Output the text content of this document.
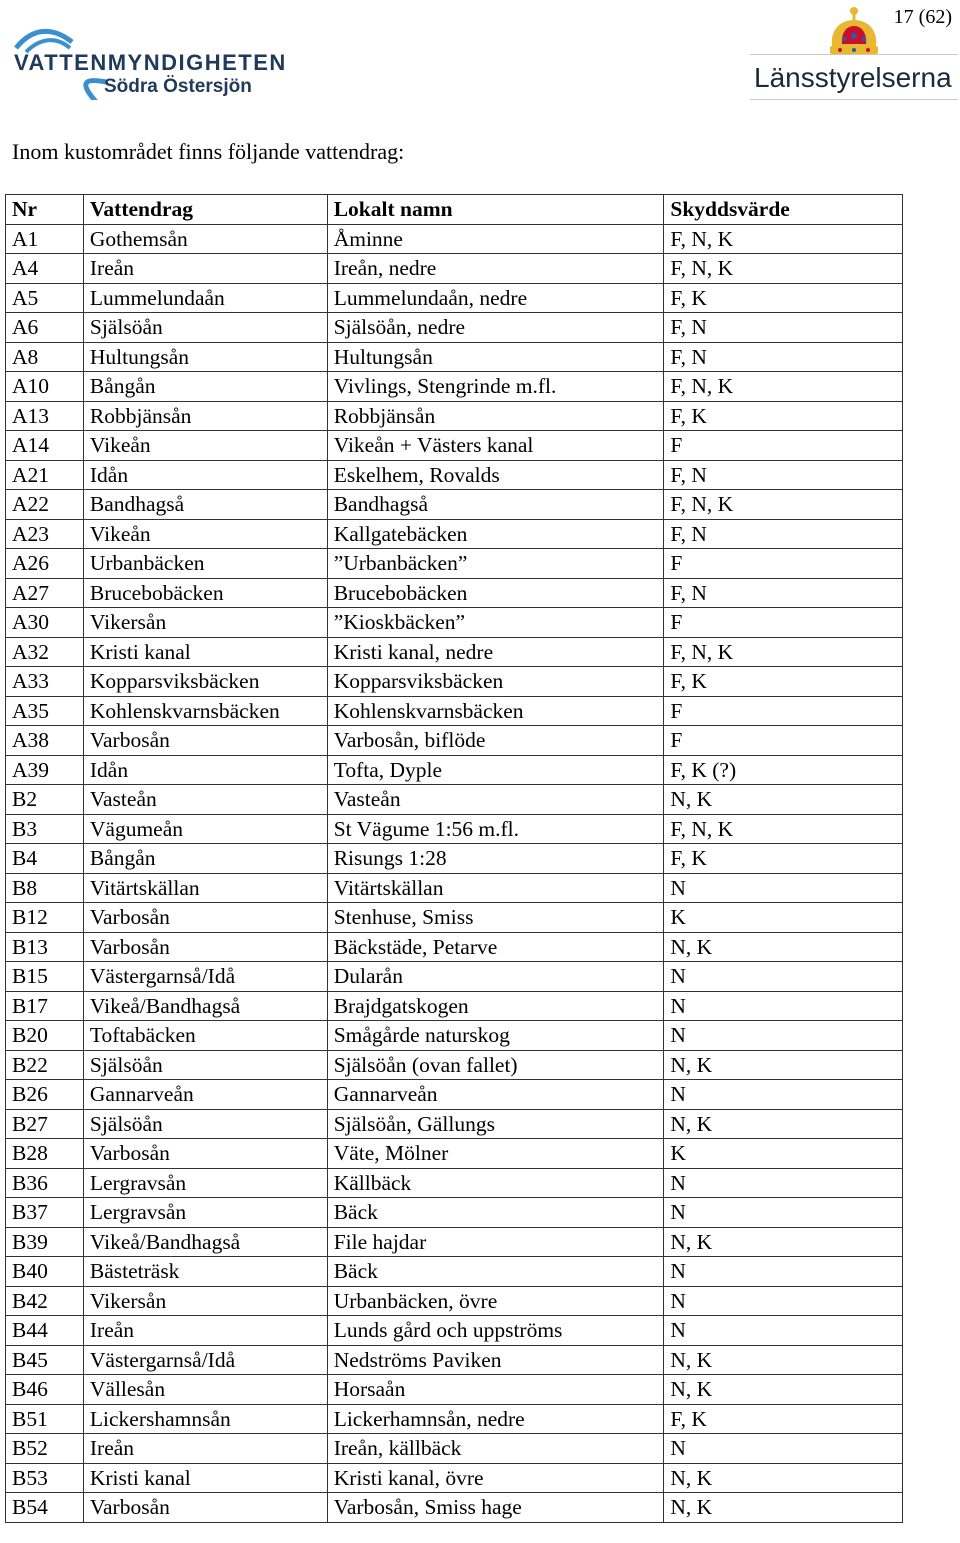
VATTENMYNDIGHETEN
Södra Östersjön	Länsstyrelserna
17 (62)
Inom kustområdet finns följande vattendrag:
Nr	Vattendrag	Lokalt namn	Skyddsvärde
A1	Gothemsån	Åminne	F, N, K
A4	Ireån	Ireån, nedre	F, N, K
A5	Lummelundaån	Lummelundaån, nedre	F, K
A6	Själsöån	Själsöån, nedre	F, N
A8	Hultungsån	Hultungsån	F, N
A10	Bångån	Vivlings, Stengrinde m.fl.	F, N, K
A13	Robbjänsån	Robbjänsån	F, K
A14	Vikeån	Vikeån + Västers kanal	F
A21	Idån	Eskelhem, Rovalds	F, N
A22	Bandhagså	Bandhagså	F, N, K
A23	Vikeån	Kallgatebäcken	F, N
A26	Urbanbäcken	”Urbanbäcken”	F
A27	Brucebobäcken	Brucebobäcken	F, N
A30	Vikersån	”Kioskbäcken”	F
A32	Kristi kanal	Kristi kanal, nedre	F, N, K
A33	Kopparsviksbäcken	Kopparsviksbäcken	F, K
A35	Kohlenskvarnsbäcken	Kohlenskvarnsbäcken	F
A38	Varbosån	Varbosån, biflöde	F
A39	Idån	Tofta, Dyple	F, K (?)
B2	Vasteån	Vasteån	N, K
B3	Vägumeån	St Vägume 1:56 m.fl.	F, N, K
B4	Bångån	Risungs 1:28	F, K
B8	Vitärtskällan	Vitärtskällan	N
B12	Varbosån	Stenhuse, Smiss	K
B13	Varbosån	Bäckstäde, Petarve	N, K
B15	Västergarnså/Idå	Dularån	N
B17	Vikeå/Bandhagså	Brajdgatskogen	N
B20	Toftabäcken	Smågårde naturskog	N
B22	Själsöån	Själsöån (ovan fallet)	N, K
B26	Gannarveån	Gannarveån	N
B27	Själsöån	Själsöån, Gällungs	N, K
B28	Varbosån	Väte, Mölner	K
B36	Lergravsån	Källbäck	N
B37	Lergravsån	Bäck	N
B39	Vikeå/Bandhagså	File hajdar	N, K
B40	Bästeträsk	Bäck	N
B42	Vikersån	Urbanbäcken, övre	N
B44	Ireån	Lunds gård och uppströms	N
B45	Västergarnså/Idå	Nedströms Paviken	N, K
B46	Vällesån	Horsaån	N, K
B51	Lickershamnsån	Lickerhamnsån, nedre	F, K
B52	Ireån	Ireån, källbäck	N
B53	Kristi kanal	Kristi kanal, övre	N, K
B54	Varbosån	Varbosån, Smiss hage	N, K
